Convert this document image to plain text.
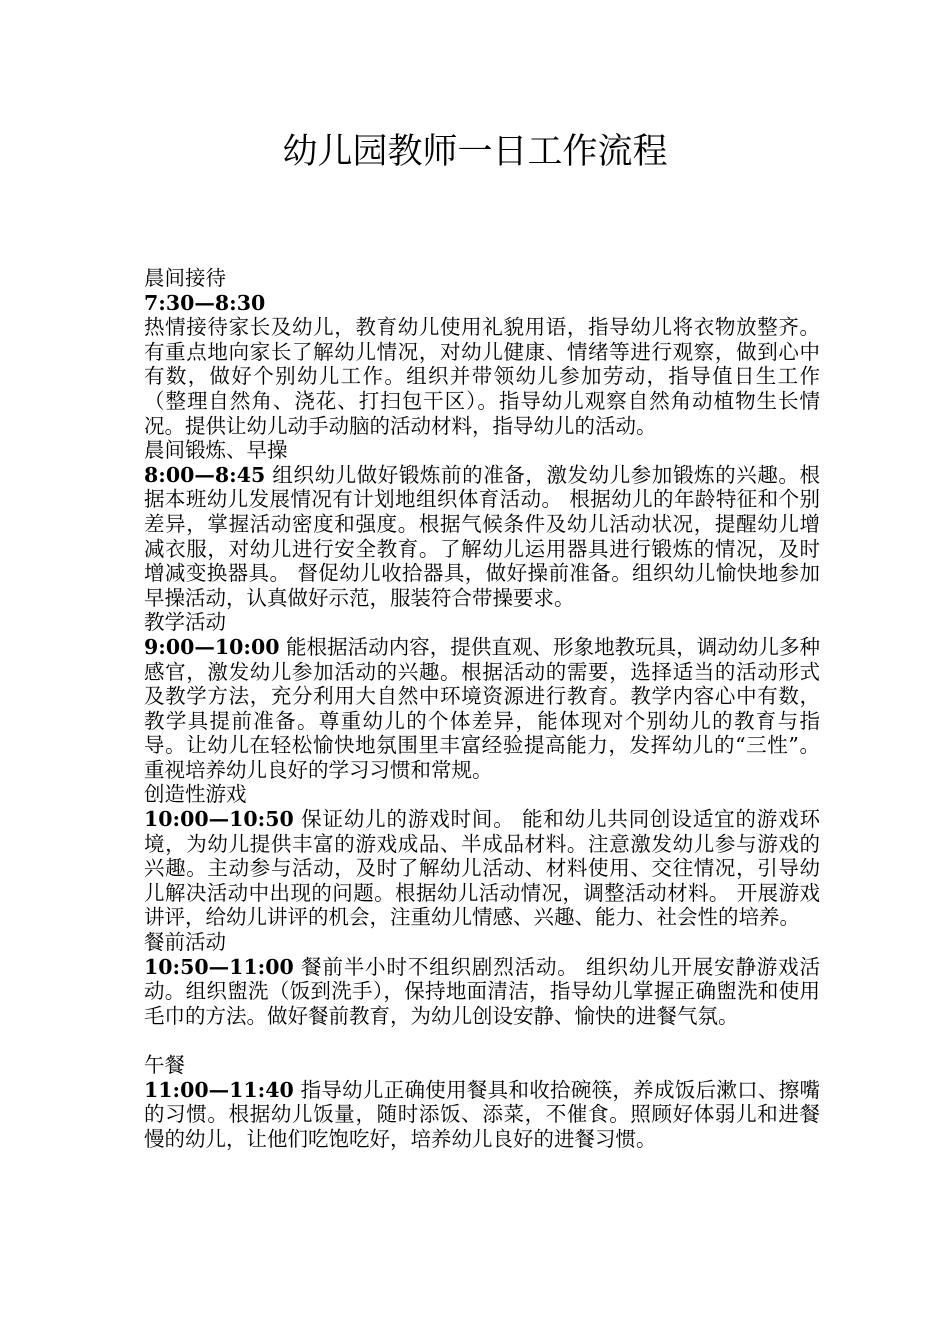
幼儿园教师一日工作流程
晨间接待
7:30—8:30
热情接待家长及幼儿，教育幼儿使用礼貌用语，指导幼儿将衣物放整齐。有重点地向家长了解幼儿情况，对幼儿健康、情绪等进行观察，做到心中有数，做好个别幼儿工作。组织并带领幼儿参加劳动，指导值日生工作（整理自然角、浇花、打扫包干区）。指导幼儿观察自然角动植物生长情况。提供让幼儿动手动脑的活动材料，指导幼儿的活动。
晨间锻炼、早操
8:00—8:45 组织幼儿做好锻炼前的准备，激发幼儿参加锻炼的兴趣。根据本班幼儿发展情况有计划地组织体育活动。 根据幼儿的年龄特征和个别差异，掌握活动密度和强度。根据气候条件及幼儿活动状况，提醒幼儿增减衣服，对幼儿进行安全教育。了解幼儿运用器具进行锻炼的情况，及时增减变换器具。 督促幼儿收拾器具，做好操前准备。组织幼儿愉快地参加早操活动，认真做好示范，服装符合带操要求。
教学活动
9:00—10:00 能根据活动内容，提供直观、形象地教玩具，调动幼儿多种感官，激发幼儿参加活动的兴趣。根据活动的需要，选择适当的活动形式及教学方法，充分利用大自然中环境资源进行教育。教学内容心中有数，教学具提前准备。尊重幼儿的个体差异，能体现对个别幼儿的教育与指导。让幼儿在轻松愉快地氛围里丰富经验提高能力，发挥幼儿的“三性”。 重视培养幼儿良好的学习习惯和常规。
创造性游戏
10:00—10:50 保证幼儿的游戏时间。 能和幼儿共同创设适宜的游戏环境，为幼儿提供丰富的游戏成品、半成品材料。注意激发幼儿参与游戏的兴趣。主动参与活动，及时了解幼儿活动、材料使用、交往情况，引导幼儿解决活动中出现的问题。根据幼儿活动情况，调整活动材料。 开展游戏讲评，给幼儿讲评的机会，注重幼儿情感、兴趣、能力、社会性的培养。
餐前活动
10:50—11:00 餐前半小时不组织剧烈活动。 组织幼儿开展安静游戏活动。组织盥洗（饭到洗手），保持地面清洁，指导幼儿掌握正确盥洗和使用毛巾的方法。做好餐前教育，为幼儿创设安静、愉快的进餐气氛。
午餐
11:00—11:40 指导幼儿正确使用餐具和收拾碗筷，养成饭后漱口、擦嘴的习惯。根据幼儿饭量，随时添饭、添菜，不催食。照顾好体弱儿和进餐慢的幼儿，让他们吃饱吃好，培养幼儿良好的进餐习惯。
